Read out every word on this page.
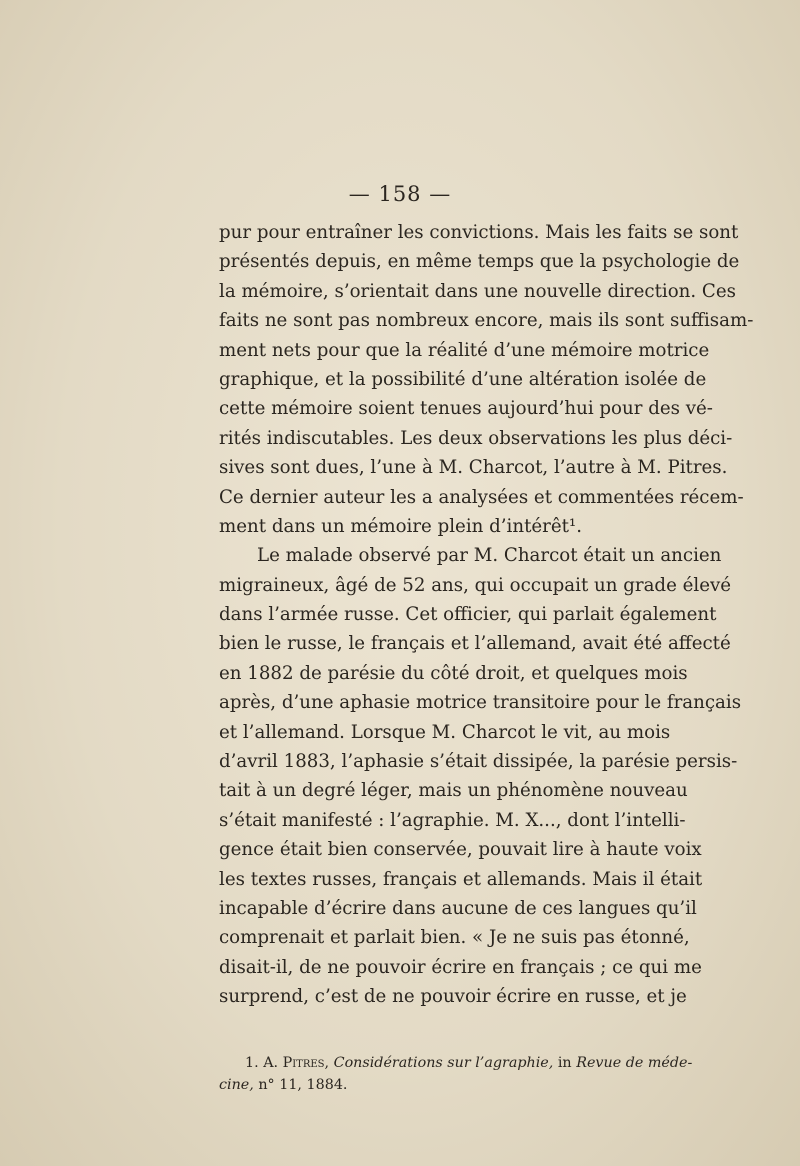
— 158 —
pur pour entraîner les convictions. Mais les faits se sont
présentés depuis, en même temps que la psychologie de
la mémoire, s’orientait dans une nouvelle direction. Ces
faits ne sont pas nombreux encore, mais ils sont suffisam-
ment nets pour que la réalité d’une mémoire motrice
graphique, et la possibilité d’une altération isolée de
cette mémoire soient tenues aujourd’hui pour des vé-
rités indiscutables. Les deux observations les plus déci-
sives sont dues, l’une à M. Charcot, l’autre à M. Pitres.
Ce dernier auteur les a analysées et commentées récem-
ment dans un mémoire plein d’intérêt¹.
Le malade observé par M. Charcot était un ancien
migraineux, âgé de 52 ans, qui occupait un grade élevé
dans l’armée russe. Cet officier, qui parlait également
bien le russe, le français et l’allemand, avait été affecté
en 1882 de parésie du côté droit, et quelques mois
après, d’une aphasie motrice transitoire pour le français
et l’allemand. Lorsque M. Charcot le vit, au mois
d’avril 1883, l’aphasie s’était dissipée, la parésie persis-
tait à un degré léger, mais un phénomène nouveau
s’était manifesté : l’agraphie. M. X..., dont l’intelli-
gence était bien conservée, pouvait lire à haute voix
les textes russes, français et allemands. Mais il était
incapable d’écrire dans aucune de ces langues qu’il
comprenait et parlait bien. « Je ne suis pas étonné,
disait-il, de ne pouvoir écrire en français ; ce qui me
surprend, c’est de ne pouvoir écrire en russe, et je
1. A. Pitres, Considérations sur l’agraphie, in Revue de méde-
cine, n° 11, 1884.
